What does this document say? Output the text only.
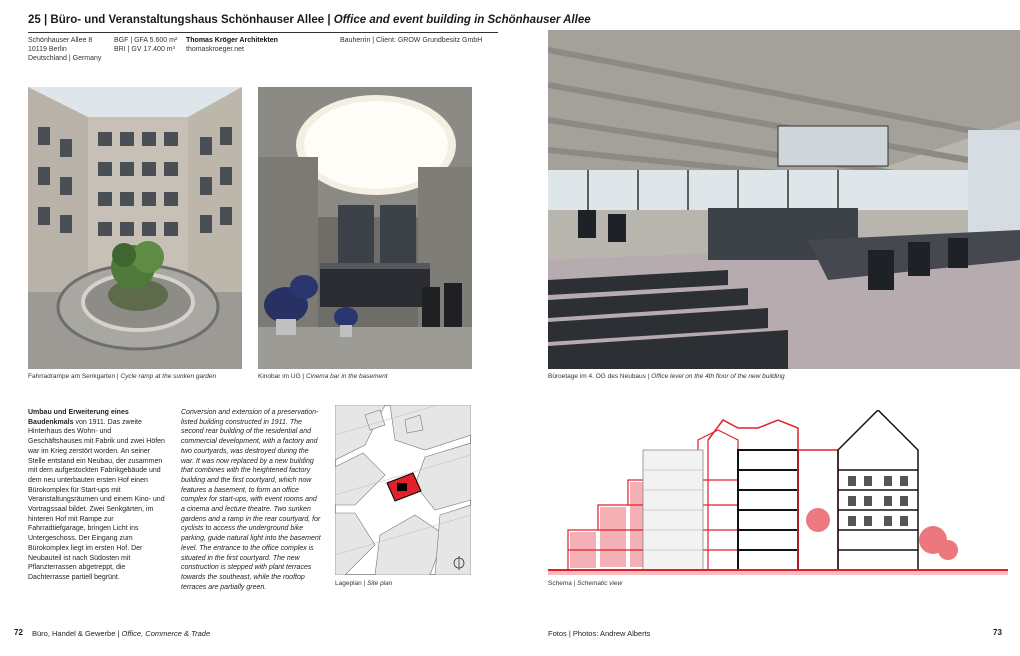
25 | Büro- und Veranstaltungshaus Schönhauser Allee | Office and event building in Schönhauser Allee
Schönhauser Allee 8
10119 Berlin
Deutschland | Germany
BGF | GFA 5.600 m²
BRI | GV 17.400 m³
Thomas Kröger Architekten
thomaskroeger.net
Bauherrin | Client: GROW Grundbesitz GmbH
Fahrradrampe am Senkgarten | Cycle ramp at the sunken garden	Kinobar im UG | Cinema bar in the basement	Büroetage im 4. OG des Neubaus | Office level on the 4th floor of the new building
Umbau und Erweiterung eines Baudenkmals von 1911. Das zweite Hinterhaus des Wohn- und Geschäftshauses mit Fabrik und zwei Höfen war im Krieg zerstört worden. An seiner Stelle entstand ein Neubau, der zusammen mit dem aufgestockten Fabrikgebäude und dem neu unterbauten ersten Hof einen Bürokomplex für Start-ups mit Veranstaltungsräumen und einem Kino- und Vortragssaal bildet. Zwei Senkgärten, im hinteren Hof mit Rampe zur Fahrradtiefgarage, bringen Licht ins Untergeschoss. Der Eingang zum Bürokomplex liegt im ersten Hof. Der Neubauteil ist nach Südosten mit Pflanzterrassen abgetreppt, die Dachterrasse partiell begrünt.
Conversion and extension of a preservation-listed building constructed in 1911. The second rear building of the residential and commercial development, with a factory and two courtyards, was destroyed during the war. It was now replaced by a new building that combines with the heightened factory building and the first courtyard, which now features a basement, to form an office complex for start-ups, with event rooms and a cinema and lecture theatre. Two sunken gardens and a ramp in the rear courtyard, for cyclists to access the underground bike parking, guide natural light into the basement level. The entrance to the office complex is situated in the first courtyard. The new construction is stepped with plant terraces towards the southeast, while the rooftop terraces are partially green.
Lageplan | Site plan	Schema | Schematic view
72 Büro, Handel & Gewerbe | Office, Commerce & Trade	Fotos | Photos: Andrew Alberts	73
